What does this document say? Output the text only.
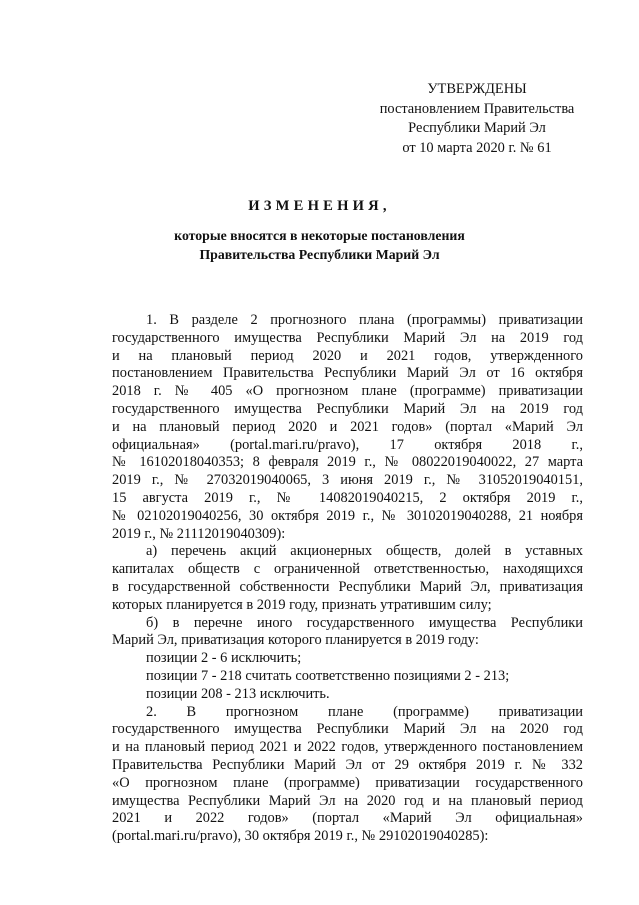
УТВЕРЖДЕНЫ
постановлением Правительства
Республики Марий Эл
от 10 марта 2020 г. № 61
ИЗМЕНЕНИЯ,
которые вносятся в некоторые постановления
Правительства Республики Марий Эл
1. В разделе 2 прогнозного плана (программы) приватизации
государственного имущества Республики Марий Эл на 2019 год
и на плановый период 2020 и 2021 годов, утвержденного
постановлением Правительства Республики Марий Эл от 16 октября
2018 г. № 405 «О прогнозном плане (программе) приватизации
государственного имущества Республики Марий Эл на 2019 год
и на плановый период 2020 и 2021 годов» (портал «Марий Эл
официальная» (portal.mari.ru/pravo), 17 октября 2018 г.,
№ 16102018040353; 8 февраля 2019 г., № 08022019040022, 27 марта
2019 г., № 27032019040065, 3 июня 2019 г., № 31052019040151,
15 августа 2019 г., № 14082019040215, 2 октября 2019 г.,
№ 02102019040256, 30 октября 2019 г., № 30102019040288, 21 ноября
2019 г., № 21112019040309):
а) перечень акций акционерных обществ, долей в уставных
капиталах обществ с ограниченной ответственностью, находящихся
в государственной собственности Республики Марий Эл, приватизация
которых планируется в 2019 году, признать утратившим силу;
б) в перечне иного государственного имущества Республики
Марий Эл, приватизация которого планируется в 2019 году:
позиции 2 - 6 исключить;
позиции 7 - 218 считать соответственно позициями 2 - 213;
позиции 208 - 213 исключить.
2. В прогнозном плане (программе) приватизации
государственного имущества Республики Марий Эл на 2020 год
и на плановый период 2021 и 2022 годов, утвержденного постановлением
Правительства Республики Марий Эл от 29 октября 2019 г. № 332
«О прогнозном плане (программе) приватизации государственного
имущества Республики Марий Эл на 2020 год и на плановый период
2021 и 2022 годов» (портал «Марий Эл официальная»
(portal.mari.ru/pravo), 30 октября 2019 г., № 29102019040285):
